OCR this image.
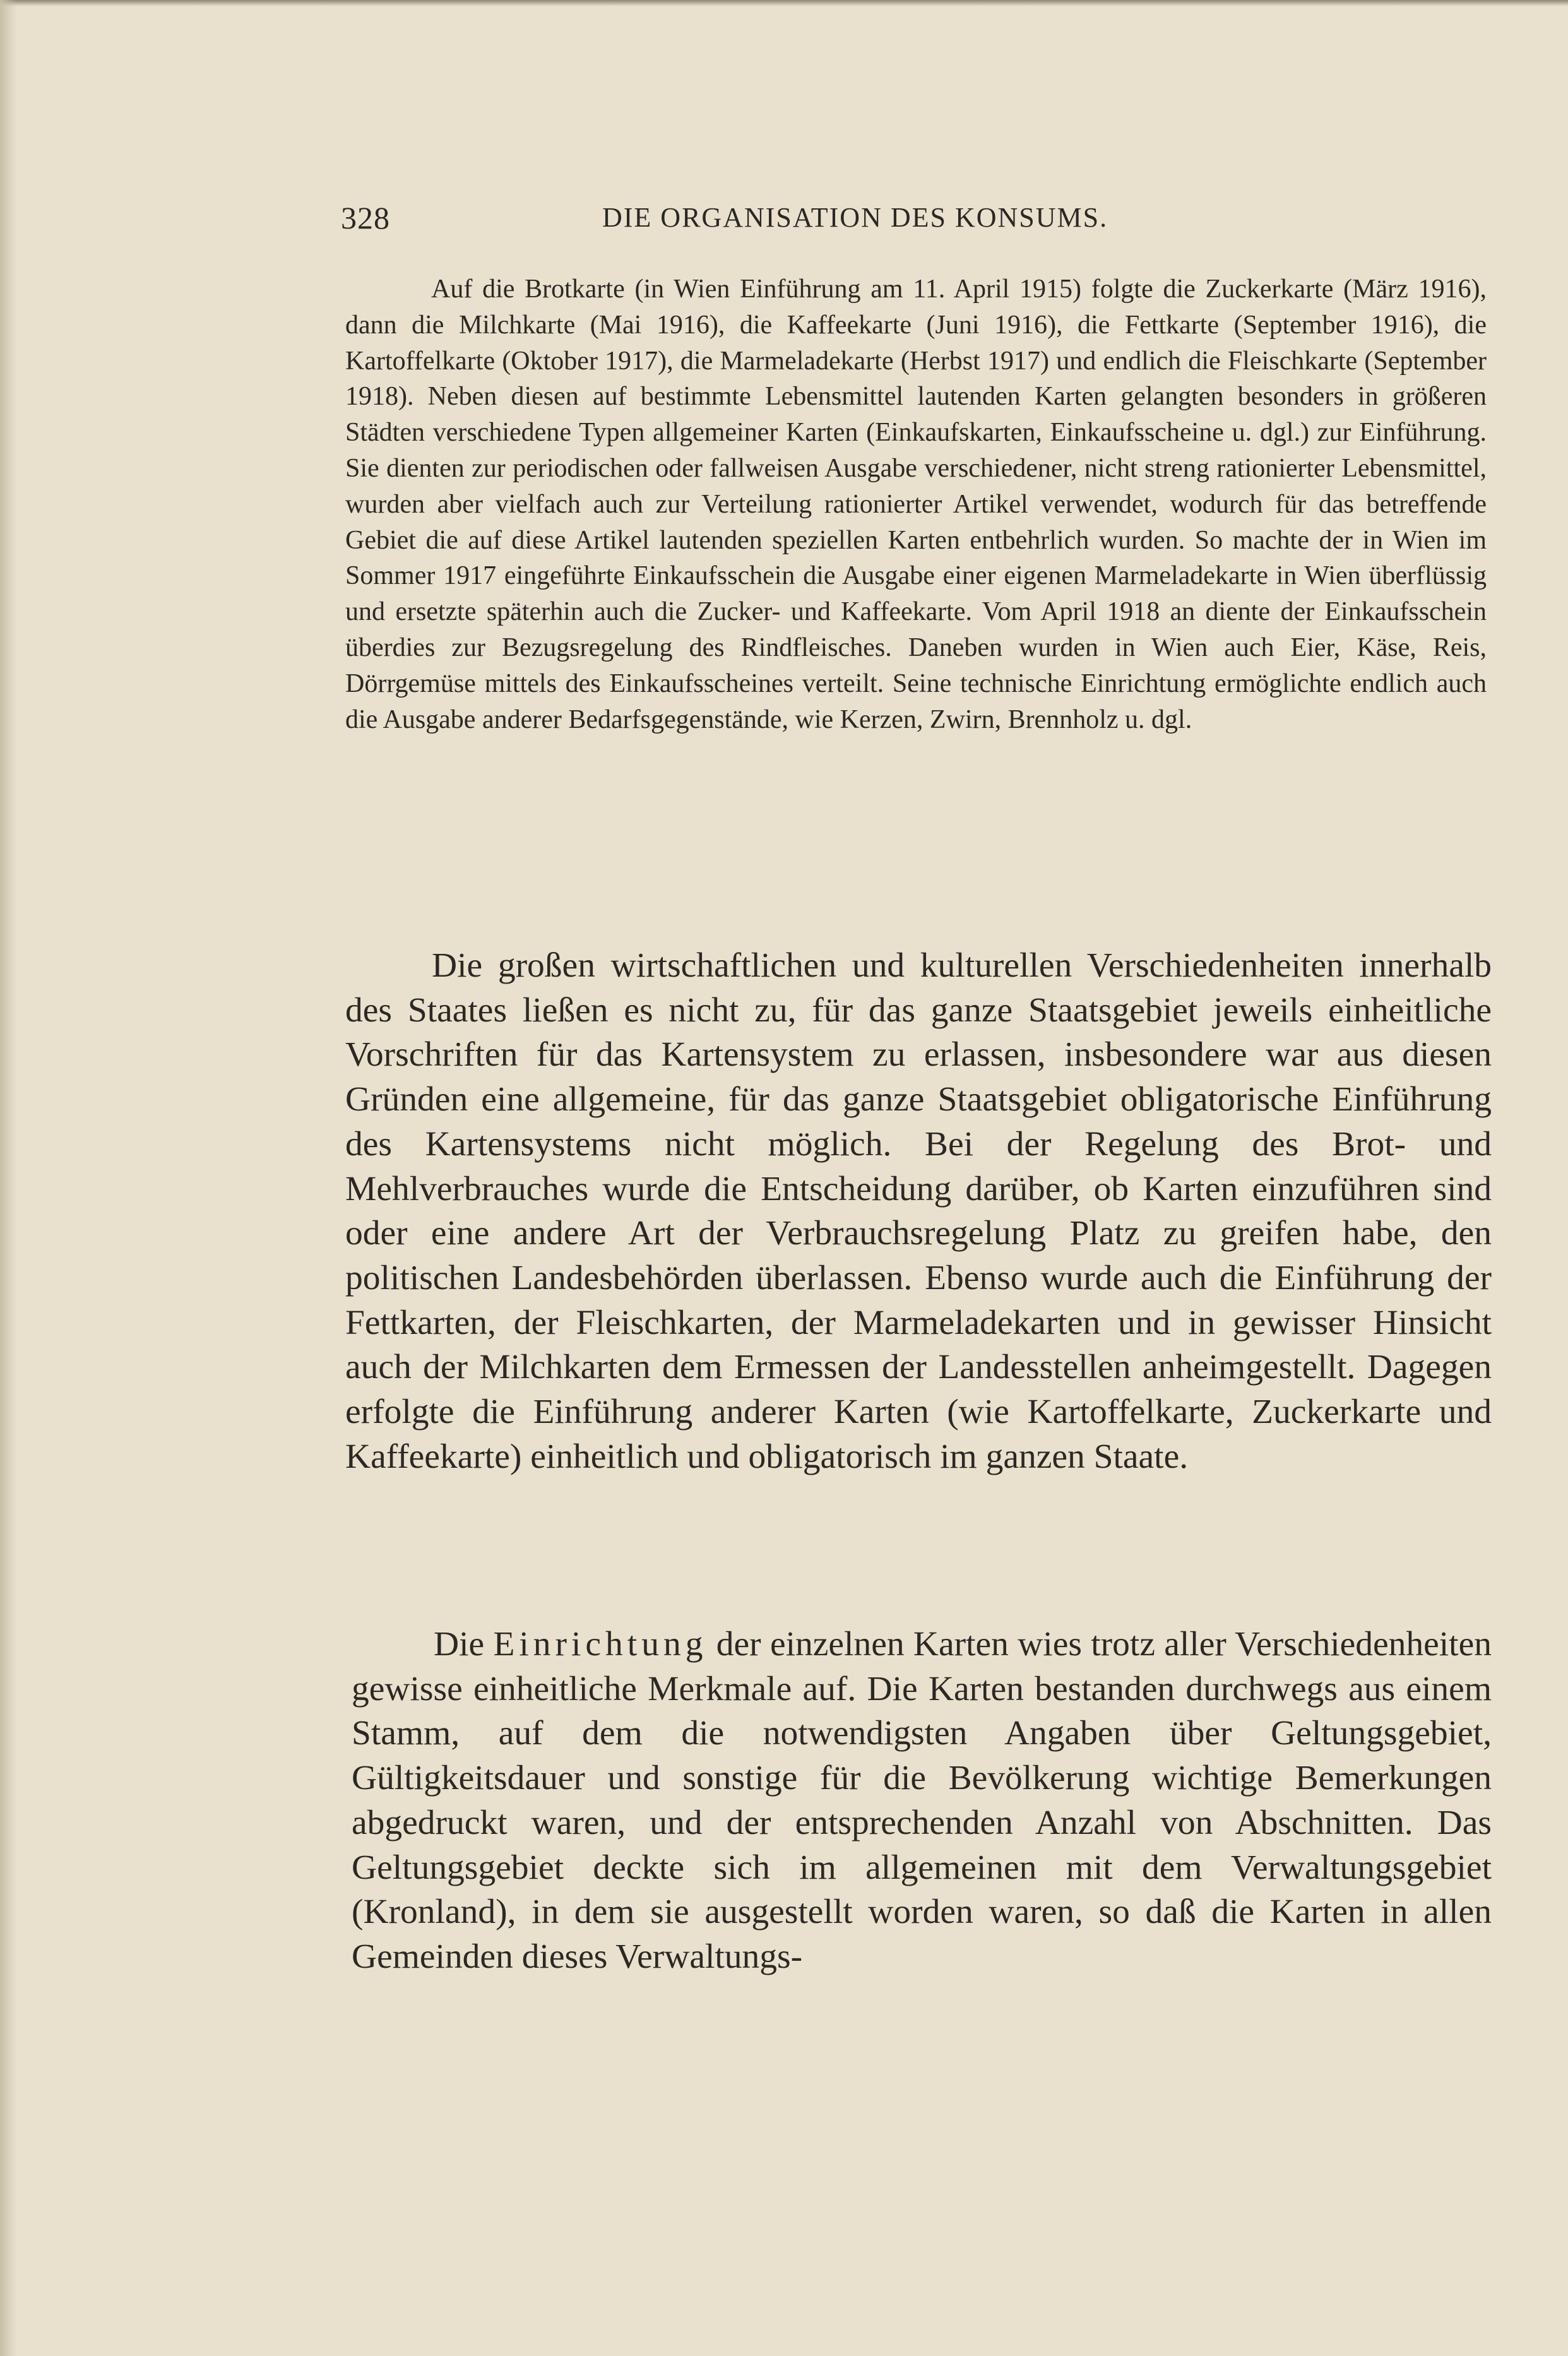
328	DIE ORGANISATION DES KONSUMS.

Auf die Brotkarte (in Wien Einführung am 11. April 1915) folgte die Zuckerkarte (März 1916), dann die Milchkarte (Mai 1916), die Kaffeekarte (Juni 1916), die Fettkarte (September 1916), die Kartoffelkarte (Oktober 1917), die Marmeladekarte (Herbst 1917) und endlich die Fleischkarte (September 1918). Neben diesen auf bestimmte Lebensmittel lautenden Karten gelangten besonders in größeren Städten verschiedene Typen allgemeiner Karten (Einkaufskarten, Einkaufsscheine u. dgl.) zur Einführung. Sie dienten zur periodischen oder fallweisen Ausgabe verschiedener, nicht streng rationierter Lebensmittel, wurden aber vielfach auch zur Verteilung rationierter Artikel verwendet, wodurch für das betreffende Gebiet die auf diese Artikel lautenden speziellen Karten entbehrlich wurden. So machte der in Wien im Sommer 1917 eingeführte Einkaufsschein die Ausgabe einer eigenen Marmeladekarte in Wien überflüssig und ersetzte späterhin auch die Zucker- und Kaffeekarte. Vom April 1918 an diente der Einkaufsschein überdies zur Bezugsregelung des Rindfleisches. Daneben wurden in Wien auch Eier, Käse, Reis, Dörrgemüse mittels des Einkaufsscheines verteilt. Seine technische Einrichtung ermöglichte endlich auch die Ausgabe anderer Bedarfsgegenstände, wie Kerzen, Zwirn, Brennholz u. dgl.

Die großen wirtschaftlichen und kulturellen Verschiedenheiten innerhalb des Staates ließen es nicht zu, für das ganze Staatsgebiet jeweils einheitliche Vorschriften für das Kartensystem zu erlassen, insbesondere war aus diesen Gründen eine allgemeine, für das ganze Staatsgebiet obligatorische Einführung des Kartensystems nicht möglich. Bei der Regelung des Brot- und Mehlverbrauches wurde die Entscheidung darüber, ob Karten einzuführen sind oder eine andere Art der Verbrauchsregelung Platz zu greifen habe, den politischen Landesbehörden überlassen. Ebenso wurde auch die Einführung der Fettkarten, der Fleischkarten, der Marmeladekarten und in gewisser Hinsicht auch der Milchkarten dem Ermessen der Landesstellen anheimgestellt. Dagegen erfolgte die Einführung anderer Karten (wie Kartoffelkarte, Zuckerkarte und Kaffeekarte) einheitlich und obligatorisch im ganzen Staate.

Die Einrichtung der einzelnen Karten wies trotz aller Verschiedenheiten gewisse einheitliche Merkmale auf. Die Karten bestanden durchwegs aus einem Stamm, auf dem die notwendigsten Angaben über Geltungsgebiet, Gültigkeitsdauer und sonstige für die Bevölkerung wichtige Bemerkungen abgedruckt waren, und der entsprechenden Anzahl von Abschnitten. Das Geltungsgebiet deckte sich im allgemeinen mit dem Verwaltungsgebiet (Kronland), in dem sie ausgestellt worden waren, so daß die Karten in allen Gemeinden dieses Verwaltungs-
